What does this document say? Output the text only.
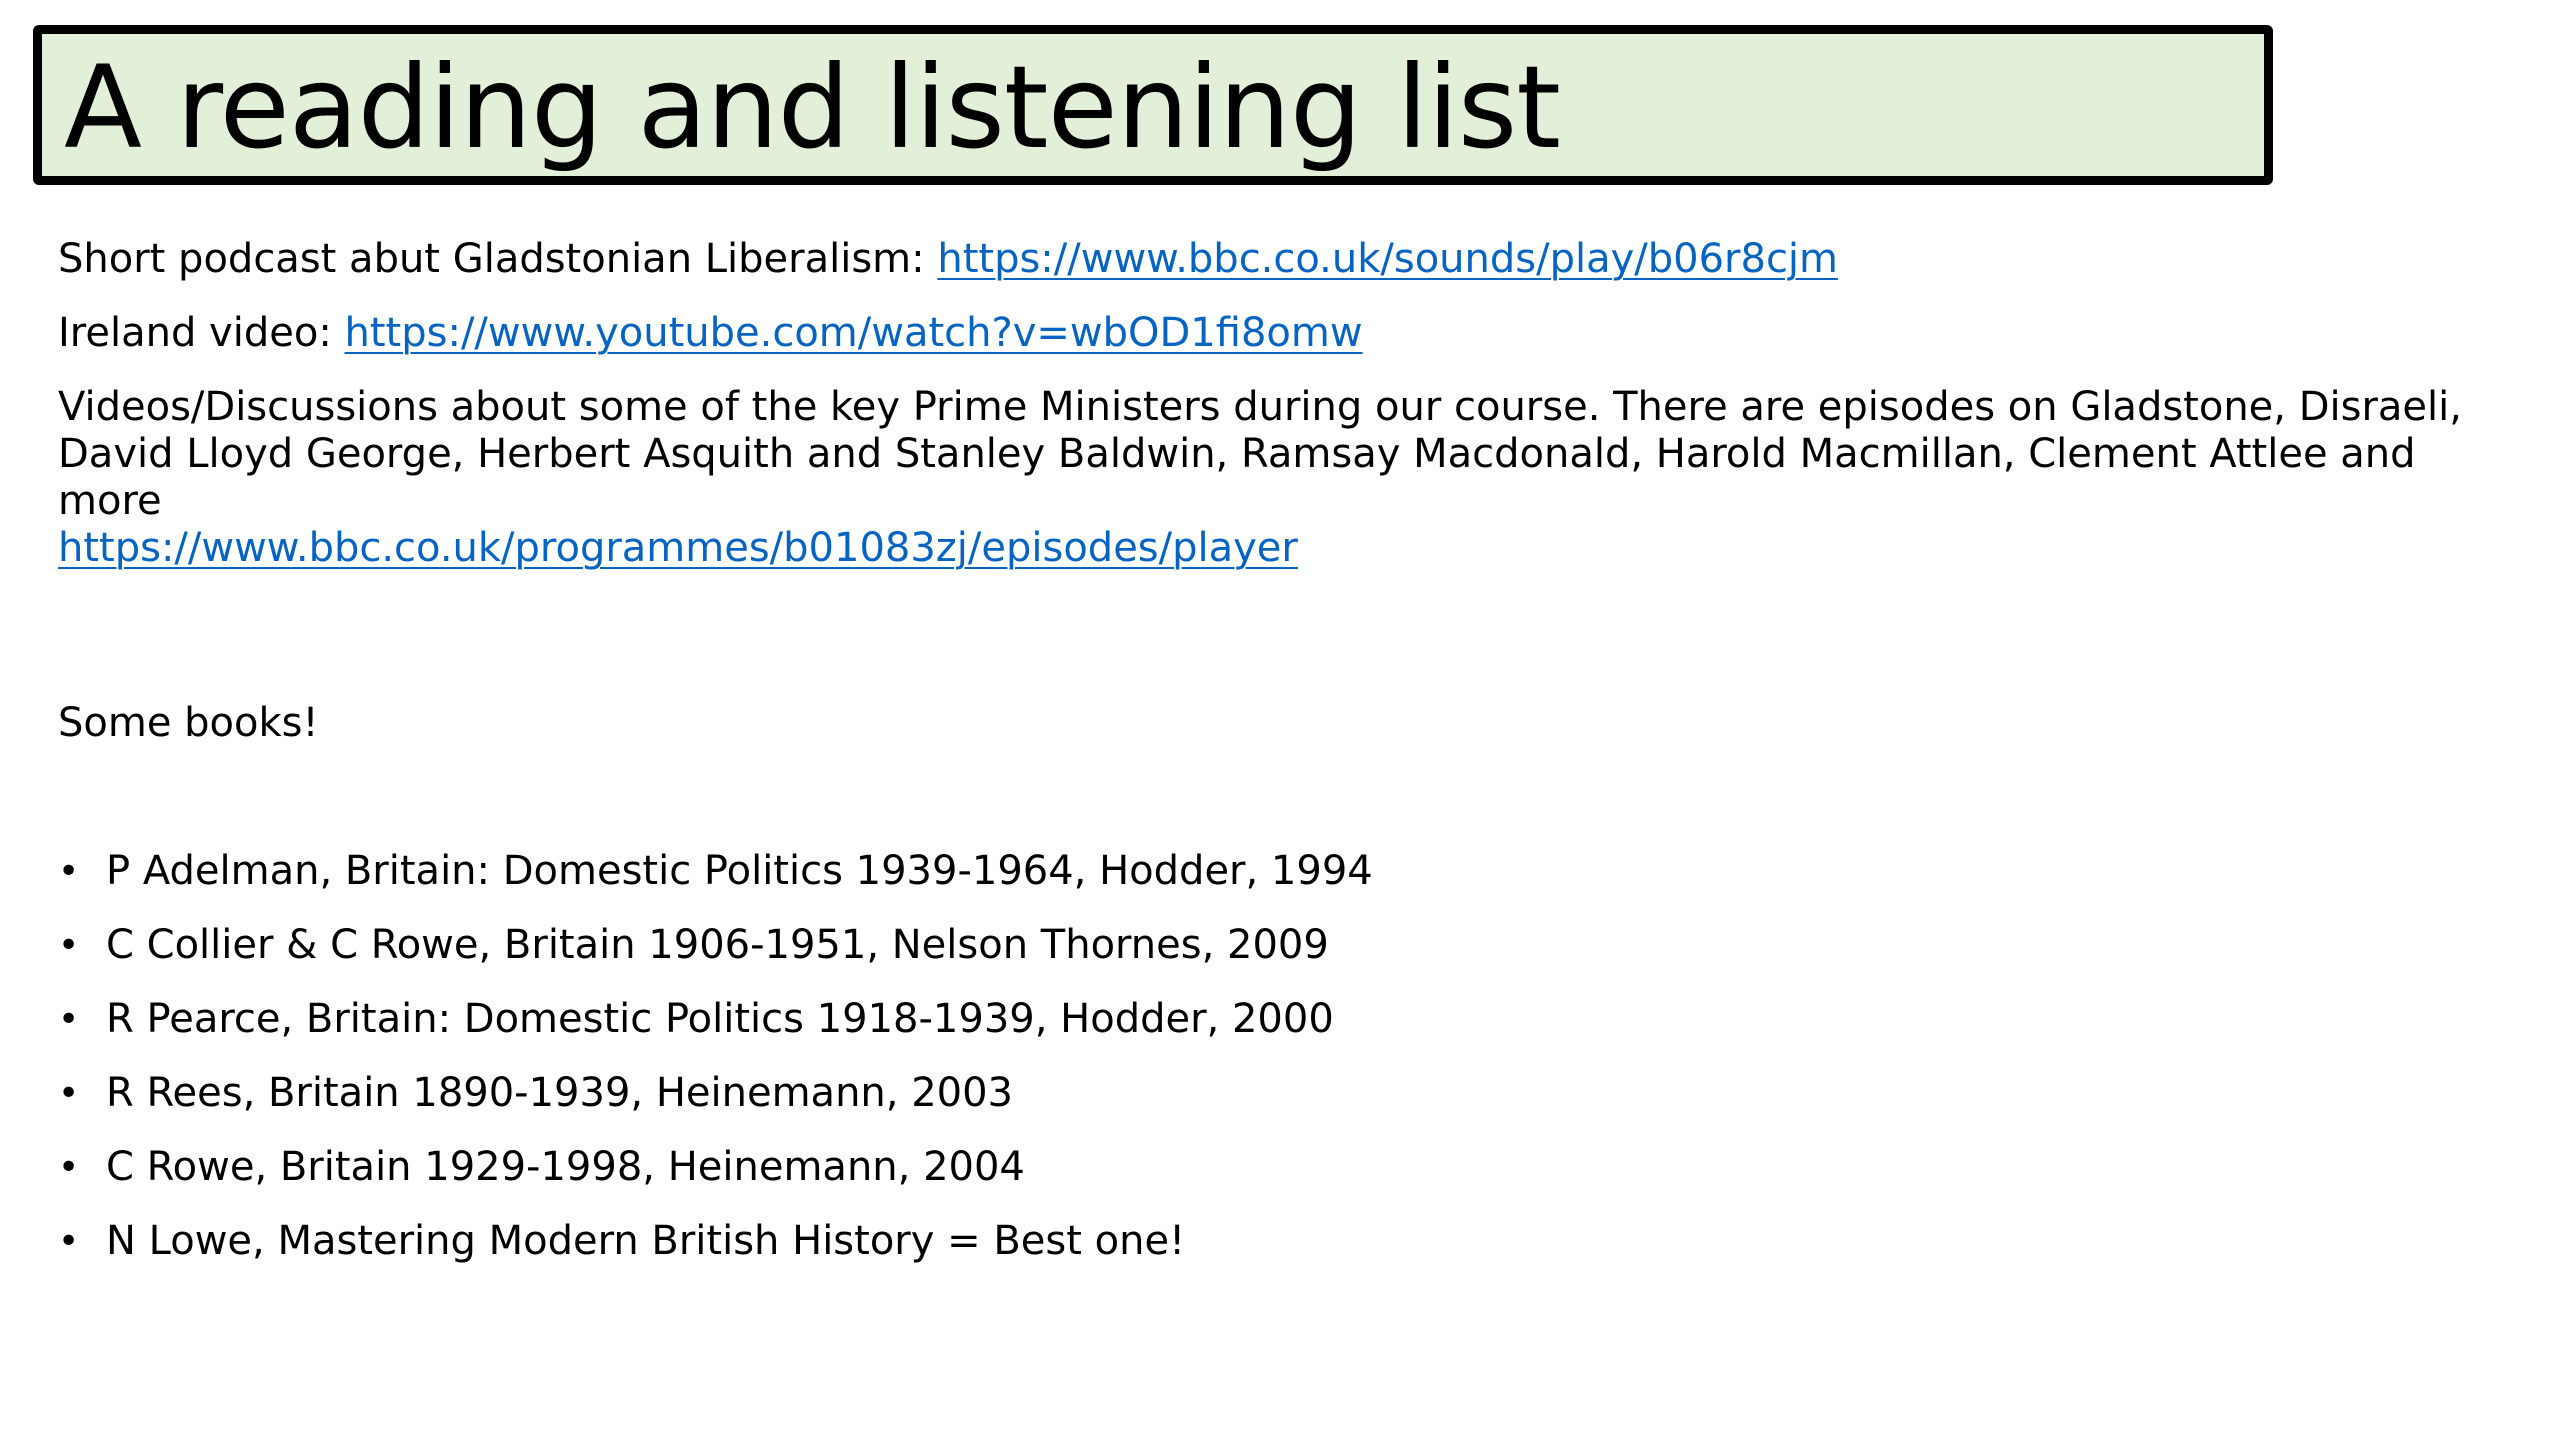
A reading and listening list

Short podcast abut Gladstonian Liberalism: https://www.bbc.co.uk/sounds/play/b06r8cjm

Ireland video: https://www.youtube.com/watch?v=wbOD1fi8omw

Videos/Discussions about some of the key Prime Ministers during our course. There are episodes on Gladstone, Disraeli, David Lloyd George, Herbert Asquith and Stanley Baldwin, Ramsay Macdonald, Harold Macmillan, Clement Attlee and more
https://www.bbc.co.uk/programmes/b01083zj/episodes/player

Some books!

• P Adelman, Britain: Domestic Politics 1939-1964, Hodder, 1994
• C Collier & C Rowe, Britain 1906-1951, Nelson Thornes, 2009
• R Pearce, Britain: Domestic Politics 1918-1939, Hodder, 2000
• R Rees, Britain 1890-1939, Heinemann, 2003
• C Rowe, Britain 1929-1998, Heinemann, 2004
• N Lowe, Mastering Modern British History = Best one!
